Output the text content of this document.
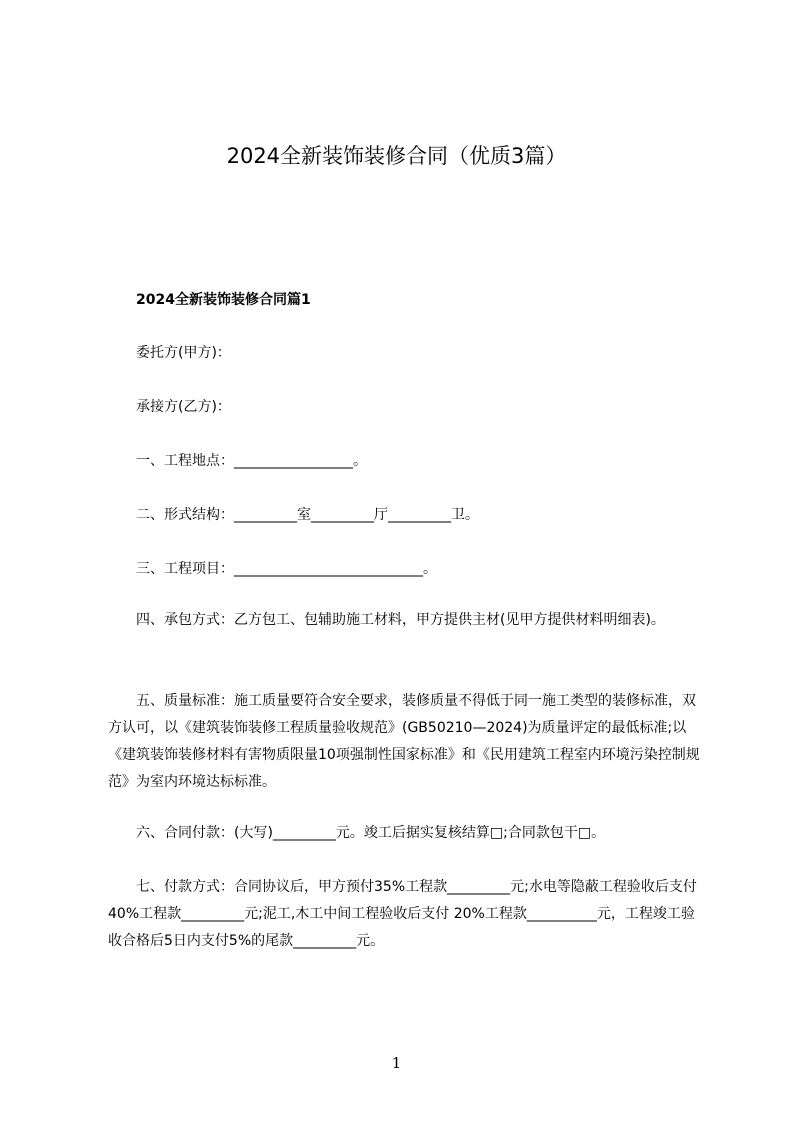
2024全新装饰装修合同（优质3篇）
2024全新装饰装修合同篇1
委托方(甲方)：
承接方(乙方)：
一、工程地点：_________________。
二、形式结构：_________室_________厅_________卫。
三、工程项目：___________________________。
四、承包方式：乙方包工、包辅助施工材料，甲方提供主材(见甲方提供材料明细表)。
五、质量标准：施工质量要符合安全要求，装修质量不得低于同一施工类型的装修标准，双方认可，以《建筑装饰装修工程质量验收规范》(GB50210—2024)为质量评定的最低标准;以《建筑装饰装修材料有害物质限量10项强制性国家标准》和《民用建筑工程室内环境污染控制规范》为室内环境达标标准。
六、合同付款：(大写)_________元。竣工后据实复核结算□;合同款包干□。
七、付款方式：合同协议后，甲方预付35%工程款_________元;水电等隐蔽工程验收后支付40%工程款_________元;泥工,木工中间工程验收后支付 20%工程款__________元，工程竣工验收合格后5日内支付5%的尾款_________元。
1
